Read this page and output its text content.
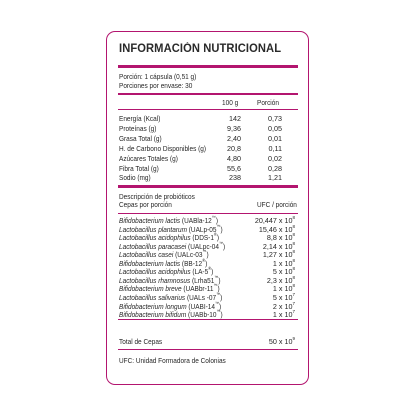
INFORMACIÓN NUTRICIONAL
Porción: 1 cápsula (0,51 g)
Porciones por envase: 30
100 g	Porción
Energía (Kcal)	142	0,73
Proteínas (g)	9,36	0,05
Grasa Total (g)	2,40	0,01
H. de Carbono Disponibles (g)	20,8	0,11
Azúcares Totales (g)	4,80	0,02
Fibra Total (g)	55,6	0,28
Sodio (mg)	238	1,21
Descripción de probióticos
Cepas por porción	UFC / porción
Bifidobacterium lactis (UABla-12™)	20,447 x $10^8$
Lactobacillus plantarum (UALp-05™)	15,46 x $10^8$
Lactobacillus acidophilus (DDS-1®)	8,8 x $10^8$
Lactobacillus paracasei (UALpc-04™)	2,14 x $10^8$
Lactobacillus casei (UALc-03™)	1,27 x $10^8$
Bifidobacterium lactis (BB-12®)	1 x $10^8$
Lactobacillus acidophilus (LA-5®)	5 x $10^8$
Lactobacillus rhamnosus (Lrha51™)	2,3 x $10^8$
Bifidobacterium breve (UABbr-11™)	1 x $10^8$
Lactobacillus salivarius (UALs -07™)	5 x $10^7$
Bifidobacterium longum (UABI-14™)	2 x $10^7$
Bifidobacterium bifidum (UABb-10™)	1 x $10^7$
Total de Cepas	50 x $10^9$
UFC: Unidad Formadora de Colonias
